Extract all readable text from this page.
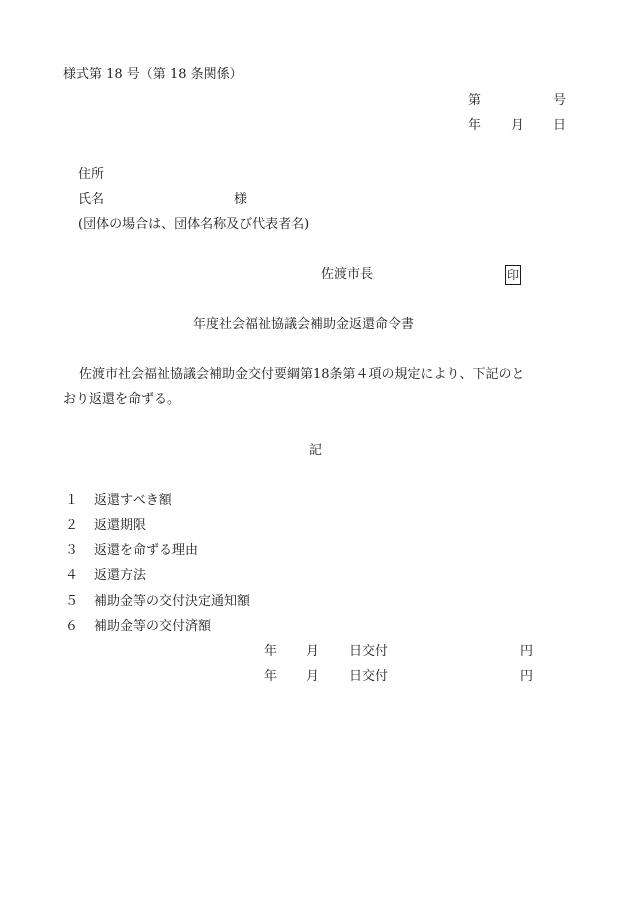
様式第 18 号（第 18 条関係）
第	号
年 月 日
住所
氏名	様
(団体の場合は、団体名称及び代表者名)
佐渡市長	印
年度社会福祉協議会補助金返還命令書
佐渡市社会福祉協議会補助金交付要綱第18条第４項の規定により、下記のと
おり返還を命ずる。
記
１ 返還すべき額
２ 返還期限
３ 返還を命ずる理由
４ 返還方法
５ 補助金等の交付決定通知額
６ 補助金等の交付済額
年 月 日交付	円
年 月 日交付	円
